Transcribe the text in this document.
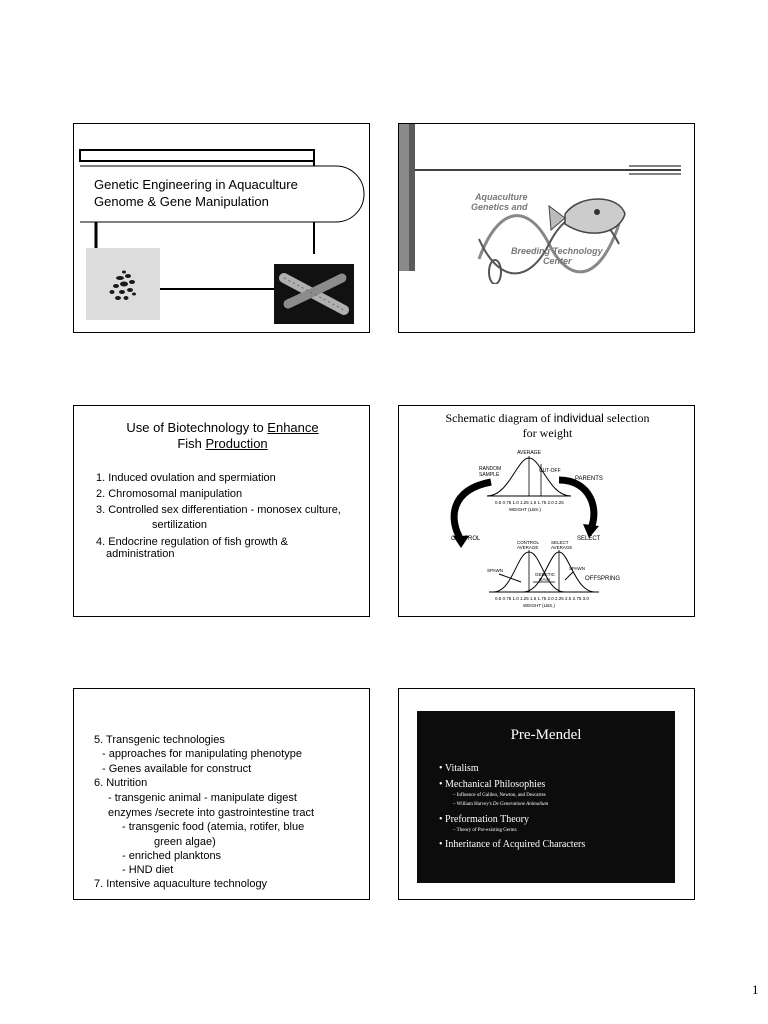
Genetic Engineering in Aquaculture
Genome & Gene Manipulation	Aquaculture
Genetics and
Breeding Technology
Center
Use of Biotechnology to Enhance
Fish Production
1. Induced ovulation and spermiation
2. Chromosomal manipulation
3. Controlled sex differentiation - monosex culture,
sertilization
4. Endocrine regulation of fish growth &
administration
Schematic diagram of individual selection
for weight
AVERAGE
RANDOM
SAMPLE
CUT-OFF
PARENTS
0.5 0.75 1.0 1.25 1.5 1.75 2.0 2.25
WEIGHT (LBS.)
CONTROL	SELECT
CONTROL
AVERAGE
SELECT
AVERAGE
SPAWN	SPAWN
OFFSPRING
GENETIC
GAIN
0.5 0.75 1.0 1.25 1.5 1.75 2.0 2.25 2.5 2.75 3.0
WEIGHT (LBS.)
5. Transgenic technologies
- approaches for manipulating phenotype
- Genes available for construct
6. Nutrition
- transgenic animal - manipulate digest
enzymes /secrete into gastrointestine tract
- transgenic food (atemia, rotifer, blue
green algae)
- enriched planktons
- HND diet
7. Intensive aquaculture technology
Pre-Mendel
• Vitalism
• Mechanical Philosophies
– Influence of Galileo, Newton, and Descartes
– William Harvey's De Generatione Animalium
• Preformation Theory
– Theory of Pre-existing Germs
• Inheritance of Acquired Characters
1
